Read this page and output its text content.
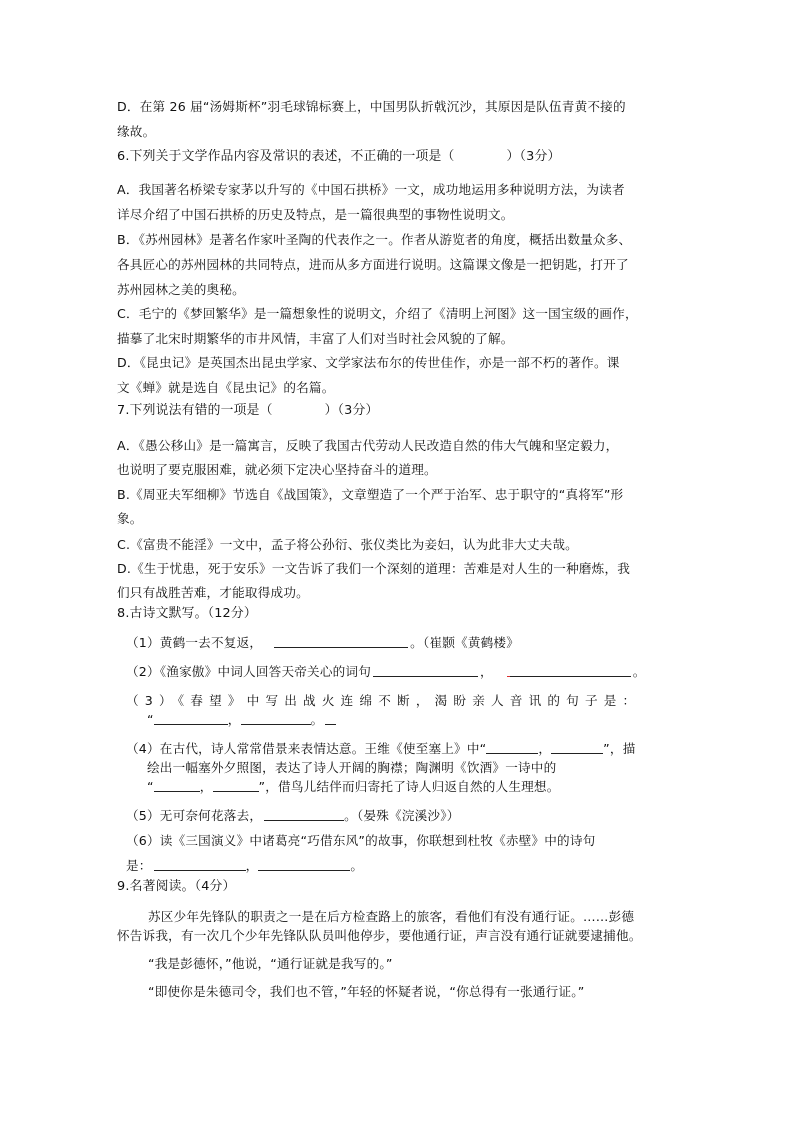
D．在第 26 届“汤姆斯杯”羽毛球锦标赛上，中国男队折戟沉沙，其原因是队伍青黄不接的
缘故。
6.下列关于文学作品内容及常识的表述，不正确的一项是（　　　　）（3分）
A．我国著名桥梁专家茅以升写的《中国石拱桥》一文，成功地运用多种说明方法，为读者
详尽介绍了中国石拱桥的历史及特点，是一篇很典型的事物性说明文。
B．《苏州园林》是著名作家叶圣陶的代表作之一。作者从游览者的角度，概括出数量众多、
各具匠心的苏州园林的共同特点，进而从多方面进行说明。这篇课文像是一把钥匙，打开了
苏州园林之美的奥秘。
C．毛宁的《梦回繁华》是一篇想象性的说明文，介绍了《清明上河图》这一国宝级的画作，
描摹了北宋时期繁华的市井风情，丰富了人们对当时社会风貌的了解。
D．《昆虫记》是英国杰出昆虫学家、文学家法布尔的传世佳作，亦是一部不朽的著作。课
文《蝉》就是选自《昆虫记》的名篇。
7.下列说法有错的一项是（　　　　）（3分）
A．《愚公移山》是一篇寓言，反映了我国古代劳动人民改造自然的伟大气魄和坚定毅力，
也说明了要克服困难，就必须下定决心坚持奋斗的道理。
B.《周亚夫军细柳》节选自《战国策》，文章塑造了一个严于治军、忠于职守的“真将军”形
象。
C.《富贵不能淫》一文中，孟子将公孙衍、张仪类比为妾妇，认为此非大丈夫哉。
D.《生于忧患，死于安乐》一文告诉了我们一个深刻的道理：苦难是对人生的一种磨炼，我
们只有战胜苦难，才能取得成功。
8.古诗文默写。（12分）
（1）黄鹤一去不复返，	。（崔颢《黄鹤楼》
（2）《渔家傲》中词人回答天帝关心的词句	，	。
（3）《春望》中写出战火连绵不断，渴盼亲人音讯的句子是：
“	，	。
（4）在古代，诗人常常借景来表情达意。王维《使至塞上》中“	，	”，描
绘出一幅塞外夕照图，表达了诗人开阔的胸襟；陶渊明《饮酒》一诗中的
“	，	”，借鸟儿结伴而归寄托了诗人归返自然的人生理想。
（5）无可奈何花落去，	。（晏殊《浣溪沙》）
（6）读《三国演义》中诸葛亮“巧借东风”的故事，你联想到杜牧《赤壁》中的诗句
是：	，	。
9.名著阅读。（4分）
苏区少年先锋队的职责之一是在后方检查路上的旅客，看他们有没有通行证。……彭德
怀告诉我，有一次几个少年先锋队队员叫他停步，要他通行证，声言没有通行证就要逮捕他。
“我是彭德怀，”他说，“通行证就是我写的。”
“即使你是朱德司令，我们也不管，”年轻的怀疑者说，“你总得有一张通行证。”
